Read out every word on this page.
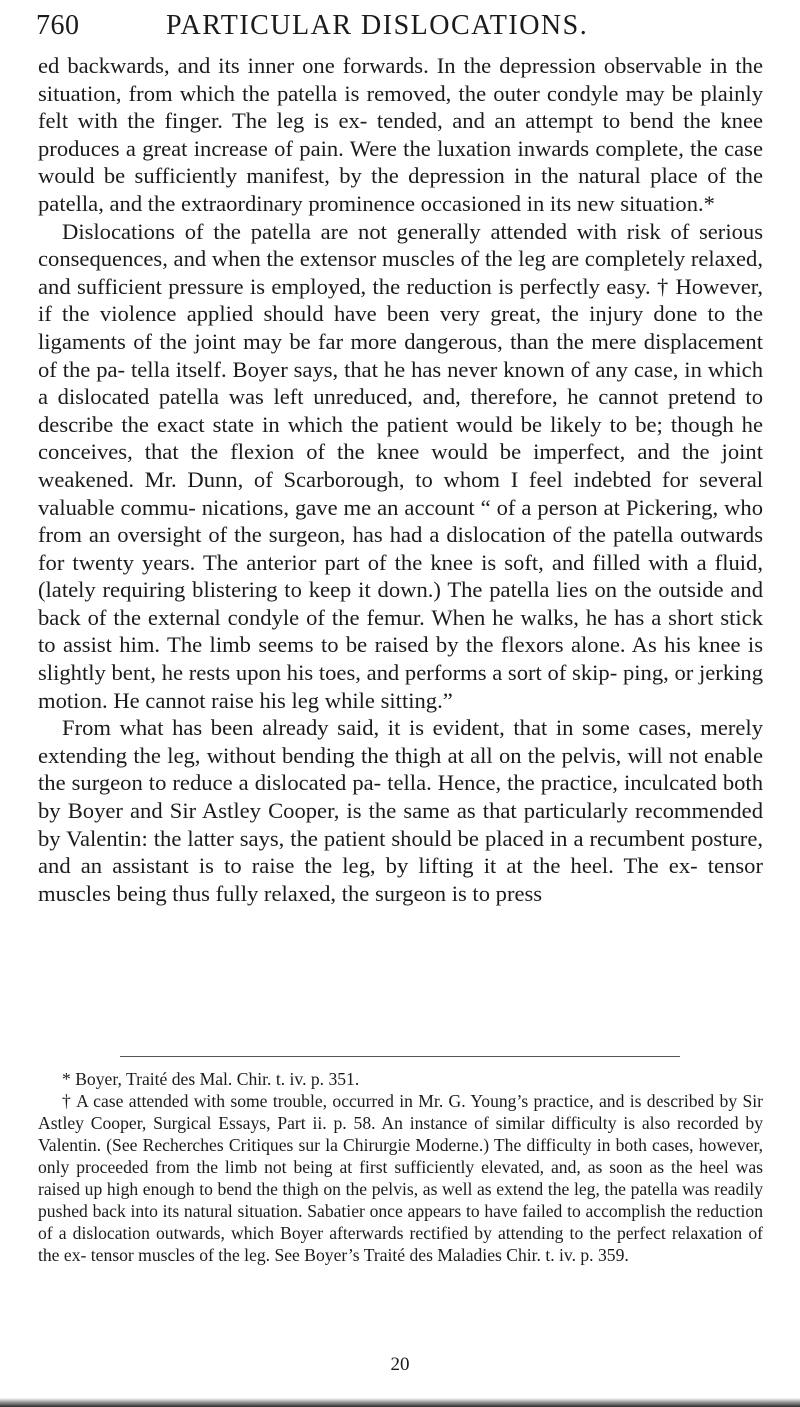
760	PARTICULAR DISLOCATIONS.

ed backwards, and its inner one forwards. In the depression observable in the situation, from which the patella is removed, the outer condyle may be plainly felt with the finger. The leg is ex- tended, and an attempt to bend the knee produces a great increase of pain. Were the luxation inwards complete, the case would be sufficiently manifest, by the depression in the natural place of the patella, and the extraordinary prominence occasioned in its new situation.*

Dislocations of the patella are not generally attended with risk of serious consequences, and when the extensor muscles of the leg are completely relaxed, and sufficient pressure is employed, the reduction is perfectly easy. † However, if the violence applied should have been very great, the injury done to the ligaments of the joint may be far more dangerous, than the mere displacement of the pa- tella itself. Boyer says, that he has never known of any case, in which a dislocated patella was left unreduced, and, therefore, he cannot pretend to describe the exact state in which the patient would be likely to be; though he conceives, that the flexion of the knee would be imperfect, and the joint weakened. Mr. Dunn, of Scarborough, to whom I feel indebted for several valuable commu- nications, gave me an account “ of a person at Pickering, who from an oversight of the surgeon, has had a dislocation of the patella outwards for twenty years. The anterior part of the knee is soft, and filled with a fluid, (lately requiring blistering to keep it down.) The patella lies on the outside and back of the external condyle of the femur. When he walks, he has a short stick to assist him. The limb seems to be raised by the flexors alone. As his knee is slightly bent, he rests upon his toes, and performs a sort of skip- ping, or jerking motion. He cannot raise his leg while sitting.”

From what has been already said, it is evident, that in some cases, merely extending the leg, without bending the thigh at all on the pelvis, will not enable the surgeon to reduce a dislocated pa- tella. Hence, the practice, inculcated both by Boyer and Sir Astley Cooper, is the same as that particularly recommended by Valentin: the latter says, the patient should be placed in a recumbent posture, and an assistant is to raise the leg, by lifting it at the heel. The ex- tensor muscles being thus fully relaxed, the surgeon is to press

* Boyer, Traité des Mal. Chir. t. iv. p. 351.

† A case attended with some trouble, occurred in Mr. G. Young’s practice, and is described by Sir Astley Cooper, Surgical Essays, Part ii. p. 58. An instance of similar difficulty is also recorded by Valentin. (See Recherches Critiques sur la Chirurgie Moderne.) The difficulty in both cases, however, only proceeded from the limb not being at first sufficiently elevated, and, as soon as the heel was raised up high enough to bend the thigh on the pelvis, as well as extend the leg, the patella was readily pushed back into its natural situation. Sabatier once appears to have failed to accomplish the reduction of a dislocation outwards, which Boyer afterwards rectified by attending to the perfect relaxation of the ex- tensor muscles of the leg. See Boyer’s Traité des Maladies Chir. t. iv. p. 359.

20
